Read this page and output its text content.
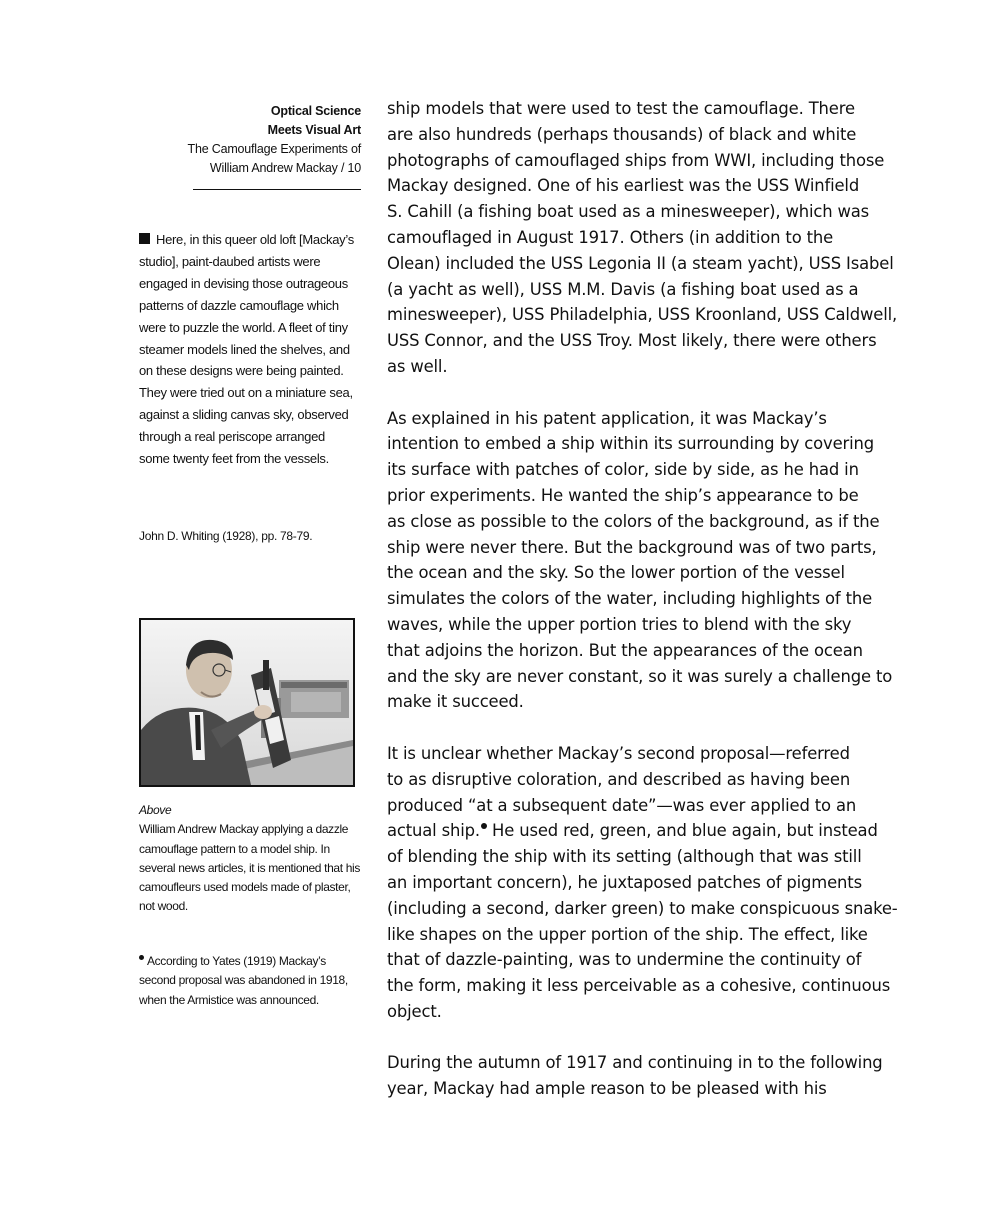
Optical Science
Meets Visual Art
The Camouflage Experiments of
William Andrew Mackay / 10

Here, in this queer old loft [Mackay’s studio], paint-daubed artists were engaged in devising those outrageous patterns of dazzle camouflage which were to puzzle the world. A fleet of tiny steamer models lined the shelves, and on these designs were being painted. They were tried out on a miniature sea, against a sliding canvas sky, observed through a real periscope arranged some twenty feet from the vessels.

John D. Whiting (1928), pp. 78-79.
Above
William Andrew Mackay applying a dazzle camouflage pattern to a model ship. In several news articles, it is mentioned that his camoufleurs used models made of plaster, not wood.
According to Yates (1919) Mackay’s second proposal was abandoned in 1918, when the Armistice was announced.

ship models that were used to test the camouflage. There
are also hundreds (perhaps thousands) of black and white
photographs of camouflaged ships from WWI, including those
Mackay designed. One of his earliest was the USS Winfield
S. Cahill (a fishing boat used as a minesweeper), which was
camouflaged in August 1917. Others (in addition to the
Olean) included the USS Legonia II (a steam yacht), USS Isabel
(a yacht as well), USS M.M. Davis (a fishing boat used as a
minesweeper), USS Philadelphia, USS Kroonland, USS Caldwell,
USS Connor, and the USS Troy. Most likely, there were others
as well.

As explained in his patent application, it was Mackay’s
intention to embed a ship within its surrounding by covering
its surface with patches of color, side by side, as he had in
prior experiments. He wanted the ship’s appearance to be
as close as possible to the colors of the background, as if the
ship were never there. But the background was of two parts,
the ocean and the sky. So the lower portion of the vessel
simulates the colors of the water, including highlights of the
waves, while the upper portion tries to blend with the sky
that adjoins the horizon. But the appearances of the ocean
and the sky are never constant, so it was surely a challenge to
make it succeed.

It is unclear whether Mackay’s second proposal—referred
to as disruptive coloration, and described as having been
produced “at a subsequent date”—was ever applied to an
actual ship. He used red, green, and blue again, but instead
of blending the ship with its setting (although that was still
an important concern), he juxtaposed patches of pigments
(including a second, darker green) to make conspicuous snake-
like shapes on the upper portion of the ship. The effect, like
that of dazzle-painting, was to undermine the continuity of
the form, making it less perceivable as a cohesive, continuous
object.

During the autumn of 1917 and continuing in to the following
year, Mackay had ample reason to be pleased with his
